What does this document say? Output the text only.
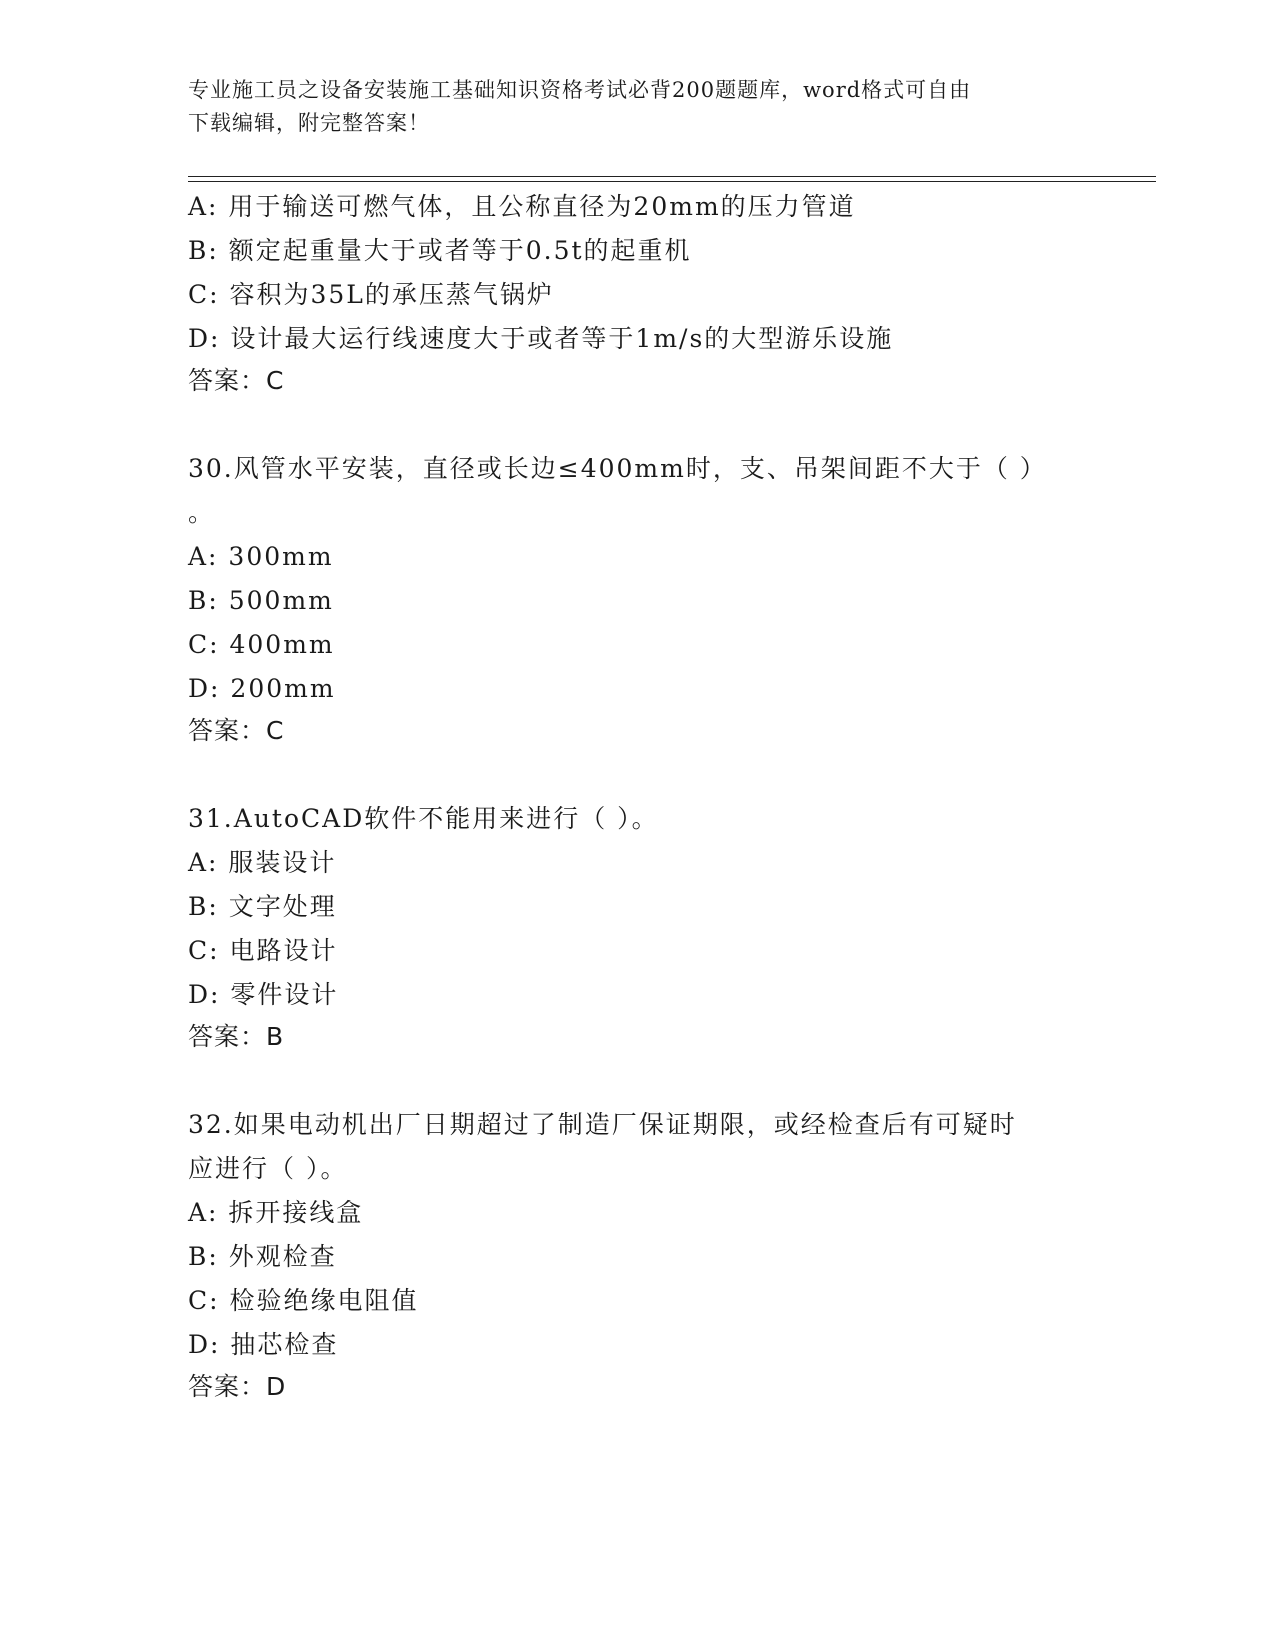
专业施工员之设备安装施工基础知识资格考试必背200题题库，word格式可自由
下载编辑，附完整答案！
A: 用于输送可燃气体，且公称直径为20mm的压力管道
B: 额定起重量大于或者等于0.5t的起重机
C: 容积为35L的承压蒸气锅炉
D: 设计最大运行线速度大于或者等于1m/s的大型游乐设施
答案：C
30.风管水平安装，直径或长边≤400mm时，支、吊架间距不大于（ ）
。
A: 300mm
B: 500mm
C: 400mm
D: 200mm
答案：C
31.AutoCAD软件不能用来进行（ ）。
A: 服装设计
B: 文字处理
C: 电路设计
D: 零件设计
答案：B
32.如果电动机出厂日期超过了制造厂保证期限，或经检查后有可疑时
应进行（ ）。
A: 拆开接线盒
B: 外观检查
C: 检验绝缘电阻值
D: 抽芯检查
答案：D
